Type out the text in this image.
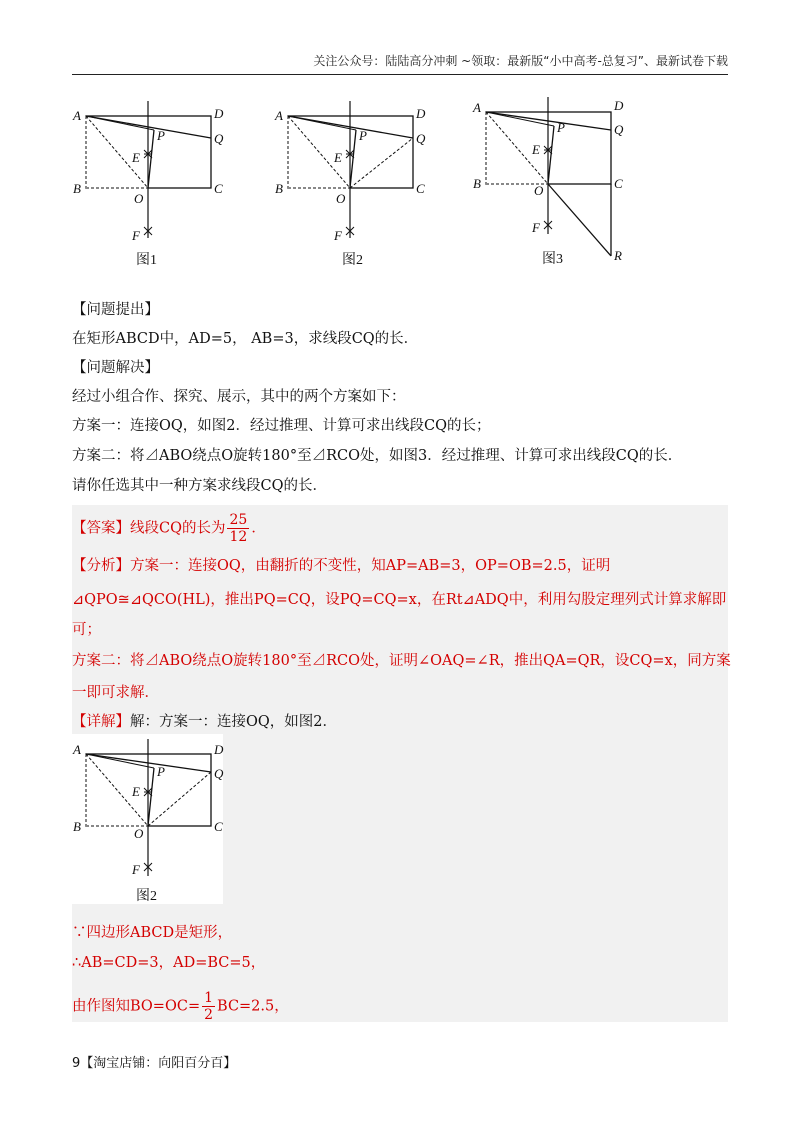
关注公众号：陆陆高分冲刺 ~领取：最新版“小中高考-总复习”、最新试卷下载
A	D
Q
P
E
B
O
C
F
图1
A	D
Q
P
E
B
O
C
F
图2
A	D
Q
P
E
B	O	C
F
R
图3
【问题提出】
在矩形ABCD中，AD=5， AB=3，求线段CQ的长．
【问题解决】
经过小组合作、探究、展示，其中的两个方案如下：
方案一：连接OQ，如图2．经过推理、计算可求出线段CQ的长；
方案二：将⊿ABO绕点O旋转180°至⊿RCO处，如图3．经过推理、计算可求出线段CQ的长．
请你任选其中一种方案求线段CQ的长．
【答案】线段CQ的长为 $\frac{25}{12}$ ．
【分析】方案一：连接OQ，由翻折的不变性，知AP=AB=3，OP=OB=2.5，证明
⊿QPO≅⊿QCO(HL)，推出PQ=CQ，设PQ=CQ=x，在Rt⊿ADQ中，利用勾股定理列式计算求解即
可；
方案二：将⊿ABO绕点O旋转180°至⊿RCO处，证明∠OAQ=∠R，推出QA=QR，设CQ=x，同方案
一即可求解．
【详解】解：方案一：连接OQ，如图2．
A	D
Q
P
E
B	O	C
F
图2
∵四边形ABCD是矩形，
∴AB=CD=3，AD=BC=5，
由作图知$BO=OC= \frac{1}{2} BC=2.5$，
9【淘宝店铺：向阳百分百】
